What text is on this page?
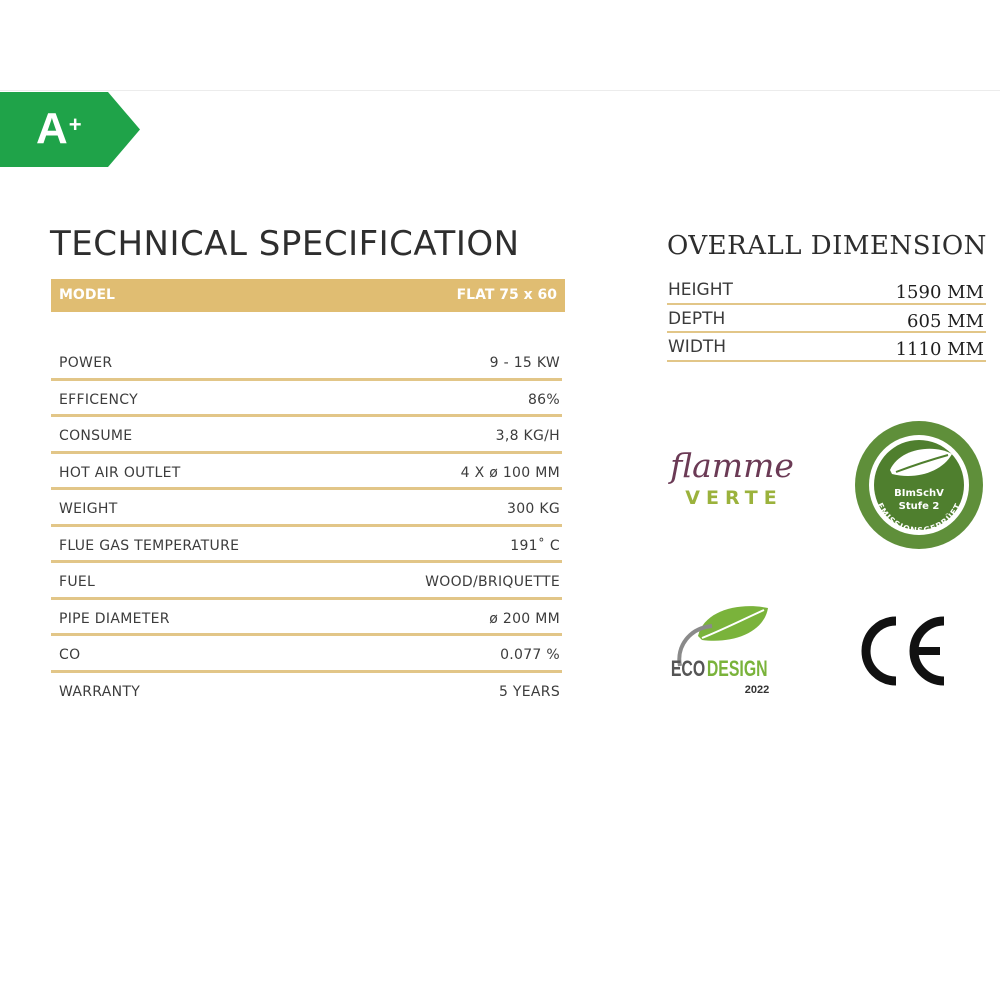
A+
TECHNICAL SPECIFICATION
MODEL	FLAT 75 x 60
POWER	9 - 15 KW
EFFICENCY	86%
CONSUME	3,8 KG/H
HOT AIR OUTLET	4 X ø 100 MM
WEIGHT	300 KG
FLUE GAS TEMPERATURE	191˚ C
FUEL	WOOD/BRIQUETTE
PIPE DIAMETER	ø 200 MM
CO	0.077 %
WARRANTY	5 YEARS
OVERALL DIMENSION
HEIGHT	1590 MM
DEPTH	605 MM
WIDTH	1110 MM
flamme
VERTE	BImSchV
Stufe 2
EMISSIONSGEPRÜFT
ECO DESIGN
2022
